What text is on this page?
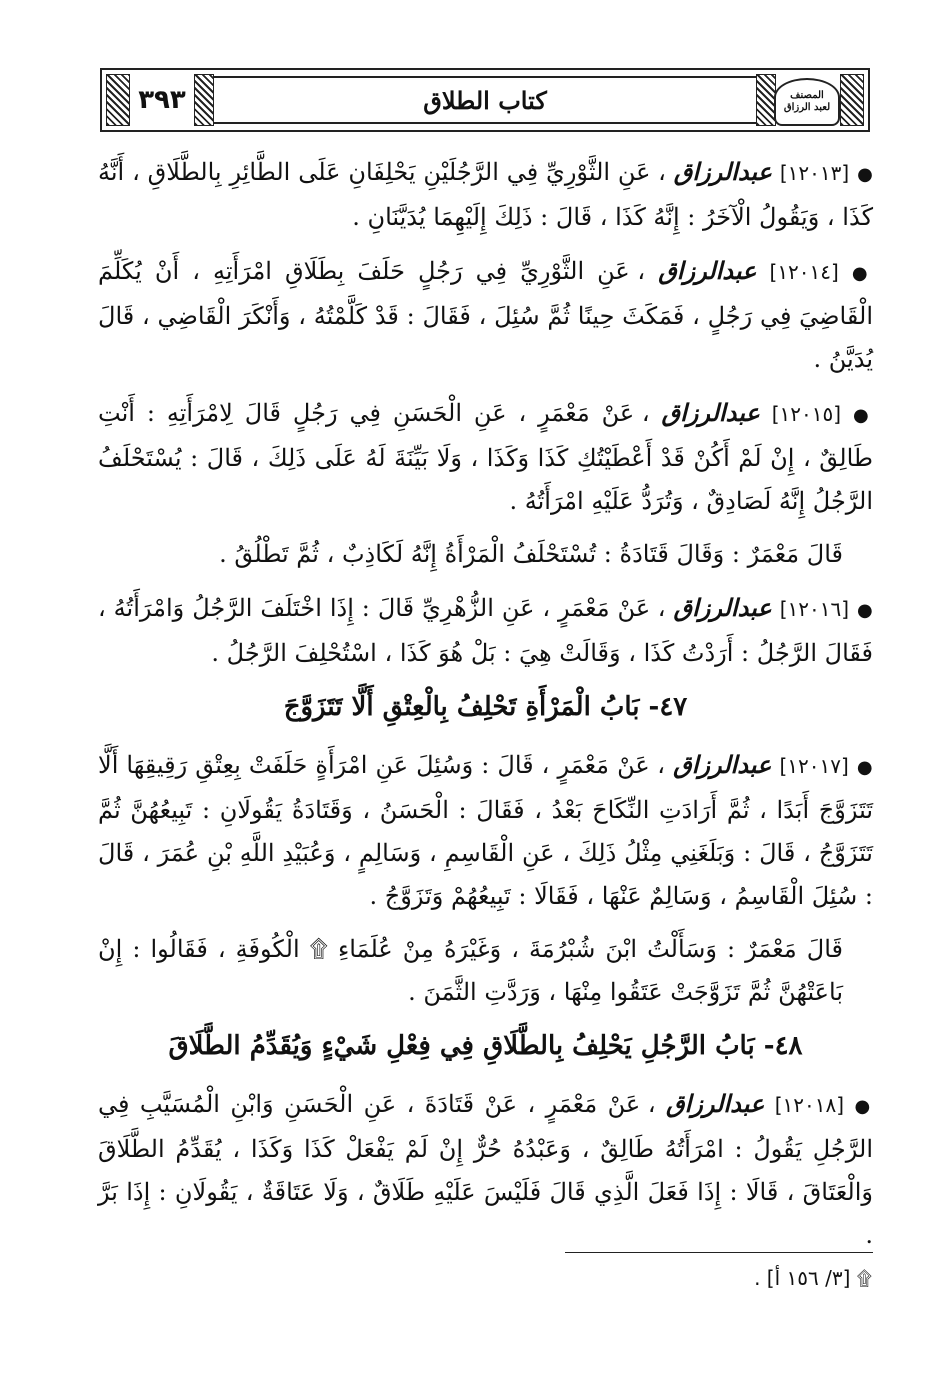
٣٩٣	كتاب الطلاق	المصنف
لعبد الرزاق

● [١٢٠١٣] عبدالرزاق ، عَنِ الثَّوْرِيِّ فِي الرَّجُلَيْنِ يَحْلِفَانِ عَلَى الطَّائِرِ بِالطَّلَاقِ ، أَنَّهُ كَذَا ، وَيَقُولُ الْآخَرُ : إِنَّهُ كَذَا ، قَالَ : ذَلِكَ إِلَيْهِمَا يُدَيَّنَانِ .

● [١٢٠١٤] عبدالرزاق ، عَنِ الثَّوْرِيِّ فِي رَجُلٍ حَلَفَ بِطَلَاقِ امْرَأَتِهِ ، أَنْ يُكَلِّمَ الْقَاضِيَ فِي رَجُلٍ ، فَمَكَثَ حِينًا ثُمَّ سُئِلَ ، فَقَالَ : قَدْ كَلَّمْتُهُ ، وَأَنْكَرَ الْقَاضِي ، قَالَ يُدَيَّنُ .

● [١٢٠١٥] عبدالرزاق ، عَنْ مَعْمَرٍ ، عَنِ الْحَسَنِ فِي رَجُلٍ قَالَ لِامْرَأَتِهِ : أَنْتِ طَالِقٌ ، إِنْ لَمْ أَكُنْ قَدْ أَعْطَيْتُكِ كَذَا وَكَذَا ، وَلَا بَيِّنَةَ لَهُ عَلَى ذَلِكَ ، قَالَ : يُسْتَحْلَفُ الرَّجُلُ إِنَّهُ لَصَادِقٌ ، وَتُرَدُّ عَلَيْهِ امْرَأَتُهُ .

قَالَ مَعْمَرٌ : وَقَالَ قَتَادَةُ : تُسْتَحْلَفُ الْمَرْأَةُ إِنَّهُ لَكَاذِبٌ ، ثُمَّ تَطْلُقُ .

● [١٢٠١٦] عبدالرزاق ، عَنْ مَعْمَرٍ ، عَنِ الزُّهْرِيِّ قَالَ : إِذَا اخْتَلَفَ الرَّجُلُ وَامْرَأَتُهُ ، فَقَالَ الرَّجُلُ : أَرَدْتُ كَذَا ، وَقَالَتْ هِيَ : بَلْ هُوَ كَذَا ، اسْتُحْلِفَ الرَّجُلُ .

٤٧- بَابُ الْمَرْأَةِ تَحْلِفُ بِالْعِتْقِ أَلَّا تَتَزَوَّجَ

● [١٢٠١٧] عبدالرزاق ، عَنْ مَعْمَرٍ ، قَالَ : وَسُئِلَ عَنِ امْرَأَةٍ حَلَفَتْ بِعِتْقِ رَقِيقِهَا أَلَّا تَتَزَوَّجَ أَبَدًا ، ثُمَّ أَرَادَتِ النِّكَاحَ بَعْدُ ، فَقَالَ : الْحَسَنُ ، وَقَتَادَةُ يَقُولَانِ : تَبِيعُهُنَّ ثُمَّ تَتَزَوَّجُ ، قَالَ : وَبَلَغَنِي مِثْلُ ذَلِكَ ، عَنِ الْقَاسِمِ ، وَسَالِمٍ ، وَعُبَيْدِ اللَّهِ بْنِ عُمَرَ ، قَالَ : سُئِلَ الْقَاسِمُ ، وَسَالِمٌ عَنْهَا ، فَقَالَا : تَبِيعُهُمْ وَتَزَوَّجُ .

قَالَ مَعْمَرٌ : وَسَأَلْتُ ابْنَ شُبْرُمَةَ ، وَغَيْرَهُ مِنْ عُلَمَاءِ ۩ الْكُوفَةِ ، فَقَالُوا : إِنْ بَاعَتْهُنَّ ثُمَّ تَزَوَّجَتْ عَتَقُوا مِنْهَا ، وَرَدَّتِ الثَّمَنَ .

٤٨- بَابُ الرَّجُلِ يَحْلِفُ بِالطَّلَاقِ فِي فِعْلِ شَيْءٍ وَيُقَدِّمُ الطَّلَاقَ

● [١٢٠١٨] عبدالرزاق ، عَنْ مَعْمَرٍ ، عَنْ قَتَادَةَ ، عَنِ الْحَسَنِ وَابْنِ الْمُسَيَّبِ فِي الرَّجُلِ يَقُولُ : امْرَأَتُهُ طَالِقٌ ، وَعَبْدُهُ حُرٌّ إِنْ لَمْ يَفْعَلْ كَذَا وَكَذَا ، يُقَدِّمُ الطَّلَاقَ وَالْعَتَاقَ ، قَالَا : إِذَا فَعَلَ الَّذِي قَالَ فَلَيْسَ عَلَيْهِ طَلَاقٌ ، وَلَا عَتَاقَةٌ ، يَقُولَانِ : إِذَا بَرَّ .

۩ [٣/ ١٥٦ أ] .
